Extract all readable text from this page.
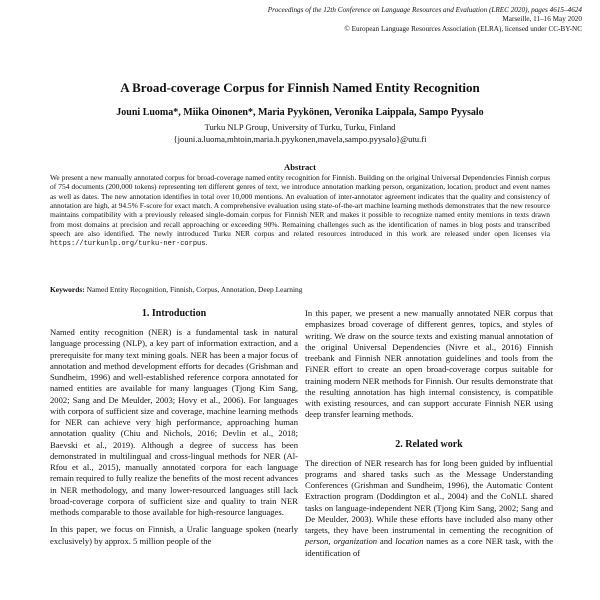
Proceedings of the 12th Conference on Language Resources and Evaluation (LREC 2020), pages 4615–4624
Marseille, 11–16 May 2020
© European Language Resources Association (ELRA), licensed under CC-BY-NC
A Broad-coverage Corpus for Finnish Named Entity Recognition
Jouni Luoma*, Miika Oinonen*, Maria Pyykönen, Veronika Laippala, Sampo Pyysalo
Turku NLP Group, University of Turku, Turku, Finland
{jouni.a.luoma,mhtoin,maria.h.pyykonen,mavela,sampo.pyysalo}@utu.fi
Abstract
We present a new manually annotated corpus for broad-coverage named entity recognition for Finnish. Building on the original Universal Dependencies Finnish corpus of 754 documents (200,000 tokens) representing ten different genres of text, we introduce annotation marking person, organization, location, product and event names as well as dates. The new annotation identifies in total over 10,000 mentions. An evaluation of inter-annotator agreement indicates that the quality and consistency of annotation are high, at 94.5% F-score for exact match. A comprehensive evaluation using state-of-the-art machine learning methods demonstrates that the new resource maintains compatibility with a previously released single-domain corpus for Finnish NER and makes it possible to recognize named entity mentions in texts drawn from most domains at precision and recall approaching or exceeding 90%. Remaining challenges such as the identification of names in blog posts and transcribed speech are also identified. The newly introduced Turku NER corpus and related resources introduced in this work are released under open licenses via https://turkunlp.org/turku-ner-corpus.
Keywords: Named Entity Recognition, Finnish, Corpus, Annotation, Deep Learning
1. Introduction

Named entity recognition (NER) is a fundamental task in natural language processing (NLP), a key part of information extraction, and a prerequisite for many text mining goals. NER has been a major focus of annotation and method development efforts for decades (Grishman and Sundheim, 1996) and well-established reference corpora annotated for named entities are available for many languages (Tjong Kim Sang, 2002; Sang and De Meulder, 2003; Hovy et al., 2006). For languages with corpora of sufficient size and coverage, machine learning methods for NER can achieve very high performance, approaching human annotation quality (Chiu and Nichols, 2016; Devlin et al., 2018; Baevski et al., 2019). Although a degree of success has been demonstrated in multilingual and cross-lingual methods for NER (Al-Rfou et al., 2015), manually annotated corpora for each language remain required to fully realize the benefits of the most recent advances in NER methodology, and many lower-resourced languages still lack broad-coverage corpora of sufficient size and quality to train NER methods comparable to those available for high-resource languages.

In this paper, we focus on Finnish, a Uralic language spoken (nearly exclusively) by approx. 5 million people of the

In this paper, we present a new manually annotated NER corpus that emphasizes broad coverage of different genres, topics, and styles of writing. We draw on the source texts and existing manual annotation of the original Universal Dependencies (Nivre et al., 2016) Finnish treebank and Finnish NER annotation guidelines and tools from the FiNER effort to create an open broad-coverage corpus suitable for training modern NER methods for Finnish. Our results demonstrate that the resulting annotation has high internal consistency, is compatible with existing resources, and can support accurate Finnish NER using deep transfer learning methods.

2. Related work

The direction of NER research has for long been guided by influential programs and shared tasks such as the Message Understanding Conferences (Grishman and Sundheim, 1996), the Automatic Content Extraction program (Doddington et al., 2004) and the CoNLL shared tasks on language-independent NER (Tjong Kim Sang, 2002; Sang and De Meulder, 2003). While these efforts have included also many other targets, they have been instrumental in cementing the recognition of person, organization and location names as a core NER task, with the identification of
